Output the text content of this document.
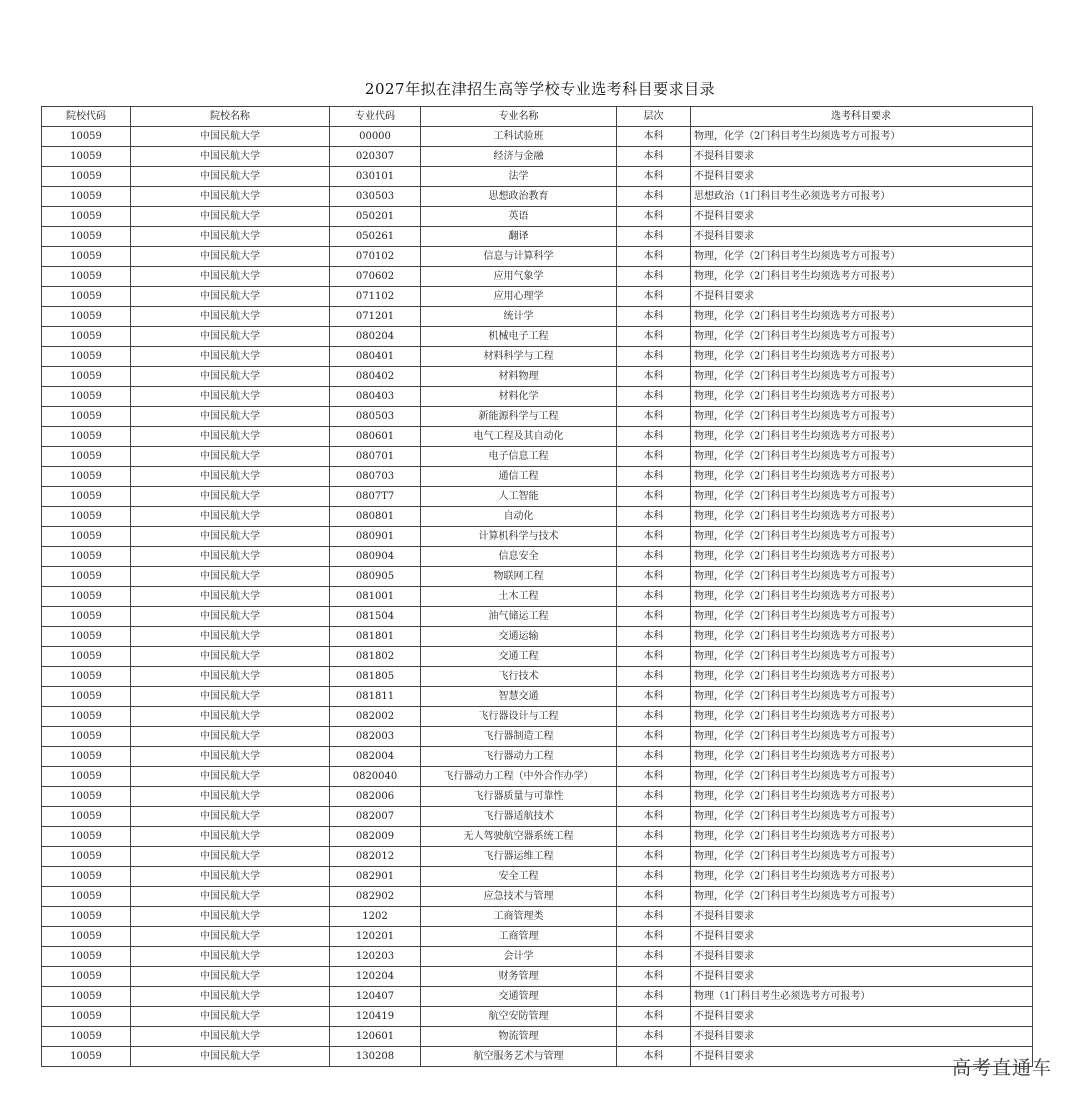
2027年拟在津招生高等学校专业选考科目要求目录
院校代码	院校名称	专业代码	专业名称	层次	选考科目要求
10059	中国民航大学	00000	工科试验班	本科	物理，化学（2门科目考生均须选考方可报考）
10059	中国民航大学	020307	经济与金融	本科	不提科目要求
10059	中国民航大学	030101	法学	本科	不提科目要求
10059	中国民航大学	030503	思想政治教育	本科	思想政治（1门科目考生必须选考方可报考）
10059	中国民航大学	050201	英语	本科	不提科目要求
10059	中国民航大学	050261	翻译	本科	不提科目要求
10059	中国民航大学	070102	信息与计算科学	本科	物理，化学（2门科目考生均须选考方可报考）
10059	中国民航大学	070602	应用气象学	本科	物理，化学（2门科目考生均须选考方可报考）
10059	中国民航大学	071102	应用心理学	本科	不提科目要求
10059	中国民航大学	071201	统计学	本科	物理，化学（2门科目考生均须选考方可报考）
10059	中国民航大学	080204	机械电子工程	本科	物理，化学（2门科目考生均须选考方可报考）
10059	中国民航大学	080401	材料科学与工程	本科	物理，化学（2门科目考生均须选考方可报考）
10059	中国民航大学	080402	材料物理	本科	物理，化学（2门科目考生均须选考方可报考）
10059	中国民航大学	080403	材料化学	本科	物理，化学（2门科目考生均须选考方可报考）
10059	中国民航大学	080503	新能源科学与工程	本科	物理，化学（2门科目考生均须选考方可报考）
10059	中国民航大学	080601	电气工程及其自动化	本科	物理，化学（2门科目考生均须选考方可报考）
10059	中国民航大学	080701	电子信息工程	本科	物理，化学（2门科目考生均须选考方可报考）
10059	中国民航大学	080703	通信工程	本科	物理，化学（2门科目考生均须选考方可报考）
10059	中国民航大学	0807T7	人工智能	本科	物理，化学（2门科目考生均须选考方可报考）
10059	中国民航大学	080801	自动化	本科	物理，化学（2门科目考生均须选考方可报考）
10059	中国民航大学	080901	计算机科学与技术	本科	物理，化学（2门科目考生均须选考方可报考）
10059	中国民航大学	080904	信息安全	本科	物理，化学（2门科目考生均须选考方可报考）
10059	中国民航大学	080905	物联网工程	本科	物理，化学（2门科目考生均须选考方可报考）
10059	中国民航大学	081001	土木工程	本科	物理，化学（2门科目考生均须选考方可报考）
10059	中国民航大学	081504	油气储运工程	本科	物理，化学（2门科目考生均须选考方可报考）
10059	中国民航大学	081801	交通运输	本科	物理，化学（2门科目考生均须选考方可报考）
10059	中国民航大学	081802	交通工程	本科	物理，化学（2门科目考生均须选考方可报考）
10059	中国民航大学	081805	飞行技术	本科	物理，化学（2门科目考生均须选考方可报考）
10059	中国民航大学	081811	智慧交通	本科	物理，化学（2门科目考生均须选考方可报考）
10059	中国民航大学	082002	飞行器设计与工程	本科	物理，化学（2门科目考生均须选考方可报考）
10059	中国民航大学	082003	飞行器制造工程	本科	物理，化学（2门科目考生均须选考方可报考）
10059	中国民航大学	082004	飞行器动力工程	本科	物理，化学（2门科目考生均须选考方可报考）
10059	中国民航大学	0820040	飞行器动力工程（中外合作办学）	本科	物理，化学（2门科目考生均须选考方可报考）
10059	中国民航大学	082006	飞行器质量与可靠性	本科	物理，化学（2门科目考生均须选考方可报考）
10059	中国民航大学	082007	飞行器适航技术	本科	物理，化学（2门科目考生均须选考方可报考）
10059	中国民航大学	082009	无人驾驶航空器系统工程	本科	物理，化学（2门科目考生均须选考方可报考）
10059	中国民航大学	082012	飞行器运维工程	本科	物理，化学（2门科目考生均须选考方可报考）
10059	中国民航大学	082901	安全工程	本科	物理，化学（2门科目考生均须选考方可报考）
10059	中国民航大学	082902	应急技术与管理	本科	物理，化学（2门科目考生均须选考方可报考）
10059	中国民航大学	1202	工商管理类	本科	不提科目要求
10059	中国民航大学	120201	工商管理	本科	不提科目要求
10059	中国民航大学	120203	会计学	本科	不提科目要求
10059	中国民航大学	120204	财务管理	本科	不提科目要求
10059	中国民航大学	120407	交通管理	本科	物理（1门科目考生必须选考方可报考）
10059	中国民航大学	120419	航空安防管理	本科	不提科目要求
10059	中国民航大学	120601	物流管理	本科	不提科目要求
10059	中国民航大学	130208	航空服务艺术与管理	本科	不提科目要求
高考直通车
